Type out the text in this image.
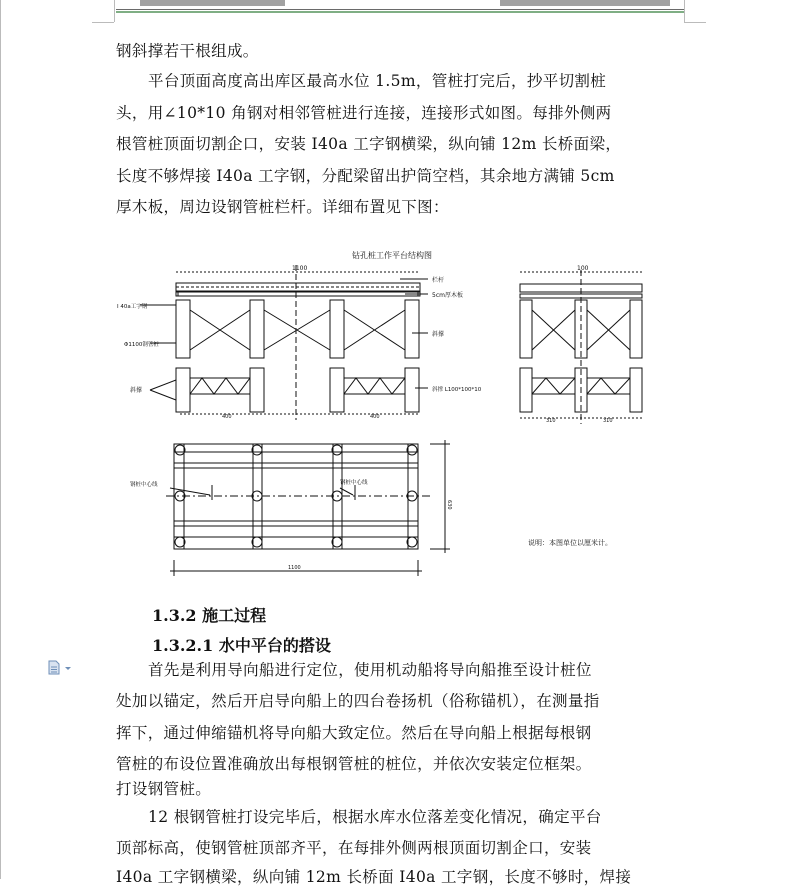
钢斜撑若干根组成。

平台顶面高度高出库区最高水位 1.5m，管桩打完后，抄平切割桩

头，用∠10*10 角钢对相邻管桩进行连接，连接形式如图。每排外侧两

根管桩顶面切割企口，安装 I40a 工字钢横梁，纵向铺 12m 长桥面梁，

长度不够焊接 I40a 工字钢，分配梁留出护筒空档，其余地方满铺 5cm

厚木板，周边设钢管桩栏杆。详细布置见下图：

钻孔桩工作平台结构图
1100
栏杆
5cm厚木板
I 40a工字钢
Φ1100钢管桩
斜撑
斜撑	斜撑 L100*100*10
400	400
100
310	310
630
1100
钢桩中心线	钢桩中心线
说明：本图单位以厘米计。

1.3.2 施工过程

1.3.2.1 水中平台的搭设

首先是利用导向船进行定位，使用机动船将导向船推至设计桩位

处加以锚定，然后开启导向船上的四台卷扬机（俗称锚机），在测量指

挥下，通过伸缩锚机将导向船大致定位。然后在导向船上根据每根钢

管桩的布设位置准确放出每根钢管桩的桩位，并依次安装定位框架。

打设钢管桩。

12 根钢管桩打设完毕后，根据水库水位落差变化情况，确定平台

顶部标高，使钢管桩顶部齐平，在每排外侧两根顶面切割企口，安装

I40a 工字钢横梁，纵向铺 12m 长桥面 I40a 工字钢，长度不够时，焊接
